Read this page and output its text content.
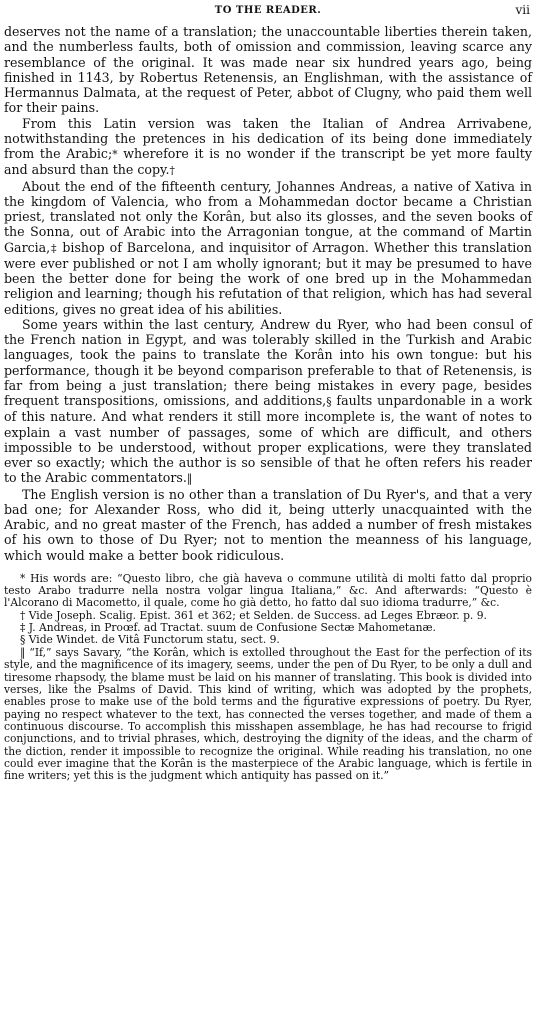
TO THE READER.	vii

deserves not the name of a translation; the unaccountable liberties therein taken, and the numberless faults, both of omission and commission, leaving scarce any resemblance of the original. It was made near six hundred years ago, being finished in 1143, by Robertus Retenensis, an Englishman, with the assistance of Hermannus Dalmata, at the request of Peter, abbot of Clugny, who paid them well for their pains.

From this Latin version was taken the Italian of Andrea Arrivabene, notwithstanding the pretences in his dedication of its being done immediately from the Arabic;* wherefore it is no wonder if the transcript be yet more faulty and absurd than the copy.†

About the end of the fifteenth century, Johannes Andreas, a native of Xativa in the kingdom of Valencia, who from a Mohammedan doctor became a Christian priest, translated not only the Korân, but also its glosses, and the seven books of the Sonna, out of Arabic into the Arragonian tongue, at the command of Martin Garcia,‡ bishop of Barcelona, and inquisitor of Arragon. Whether this translation were ever published or not I am wholly ignorant; but it may be presumed to have been the better done for being the work of one bred up in the Mohammedan religion and learning; though his refutation of that religion, which has had several editions, gives no great idea of his abilities.

Some years within the last century, Andrew du Ryer, who had been consul of the French nation in Egypt, and was tolerably skilled in the Turkish and Arabic languages, took the pains to translate the Korân into his own tongue: but his performance, though it be beyond comparison preferable to that of Retenensis, is far from being a just translation; there being mistakes in every page, besides frequent transpositions, omissions, and additions,§ faults unpardonable in a work of this nature. And what renders it still more incomplete is, the want of notes to explain a vast number of passages, some of which are difficult, and others impossible to be understood, without proper explications, were they translated ever so exactly; which the author is so sensible of that he often refers his reader to the Arabic commentators.‖

The English version is no other than a translation of Du Ryer's, and that a very bad one; for Alexander Ross, who did it, being utterly unacquainted with the Arabic, and no great master of the French, has added a number of fresh mistakes of his own to those of Du Ryer; not to mention the meanness of his language, which would make a better book ridiculous.

* His words are: “Questo libro, che già haveva o commune utilità di molti fatto dal proprio testo Arabo tradurre nella nostra volgar lingua Italiana,” &c. And afterwards: “Questo è l'Alcorano di Macometto, il quale, come ho già detto, ho fatto dal suo idioma tradurre,” &c.

† Vide Joseph. Scalig. Epist. 361 et 362; et Selden. de Success. ad Leges Ebræor. p. 9.

‡ J. Andreas, in Proœf. ad Tractat. suum de Confusione Sectæ Mahometanæ.

§ Vide Windet. de Vitâ Functorum statu, sect. 9.

‖ “If,” says Savary, “the Korân, which is extolled throughout the East for the perfection of its style, and the magnificence of its imagery, seems, under the pen of Du Ryer, to be only a dull and tiresome rhapsody, the blame must be laid on his manner of translating. This book is divided into verses, like the Psalms of David. This kind of writing, which was adopted by the prophets, enables prose to make use of the bold terms and the figurative expressions of poetry. Du Ryer, paying no respect whatever to the text, has connected the verses together, and made of them a continuous discourse. To accomplish this misshapen assemblage, he has had recourse to frigid conjunctions, and to trivial phrases, which, destroying the dignity of the ideas, and the charm of the diction, render it impossible to recognize the original. While reading his translation, no one could ever imagine that the Korân is the masterpiece of the Arabic language, which is fertile in fine writers; yet this is the judgment which antiquity has passed on it.”
